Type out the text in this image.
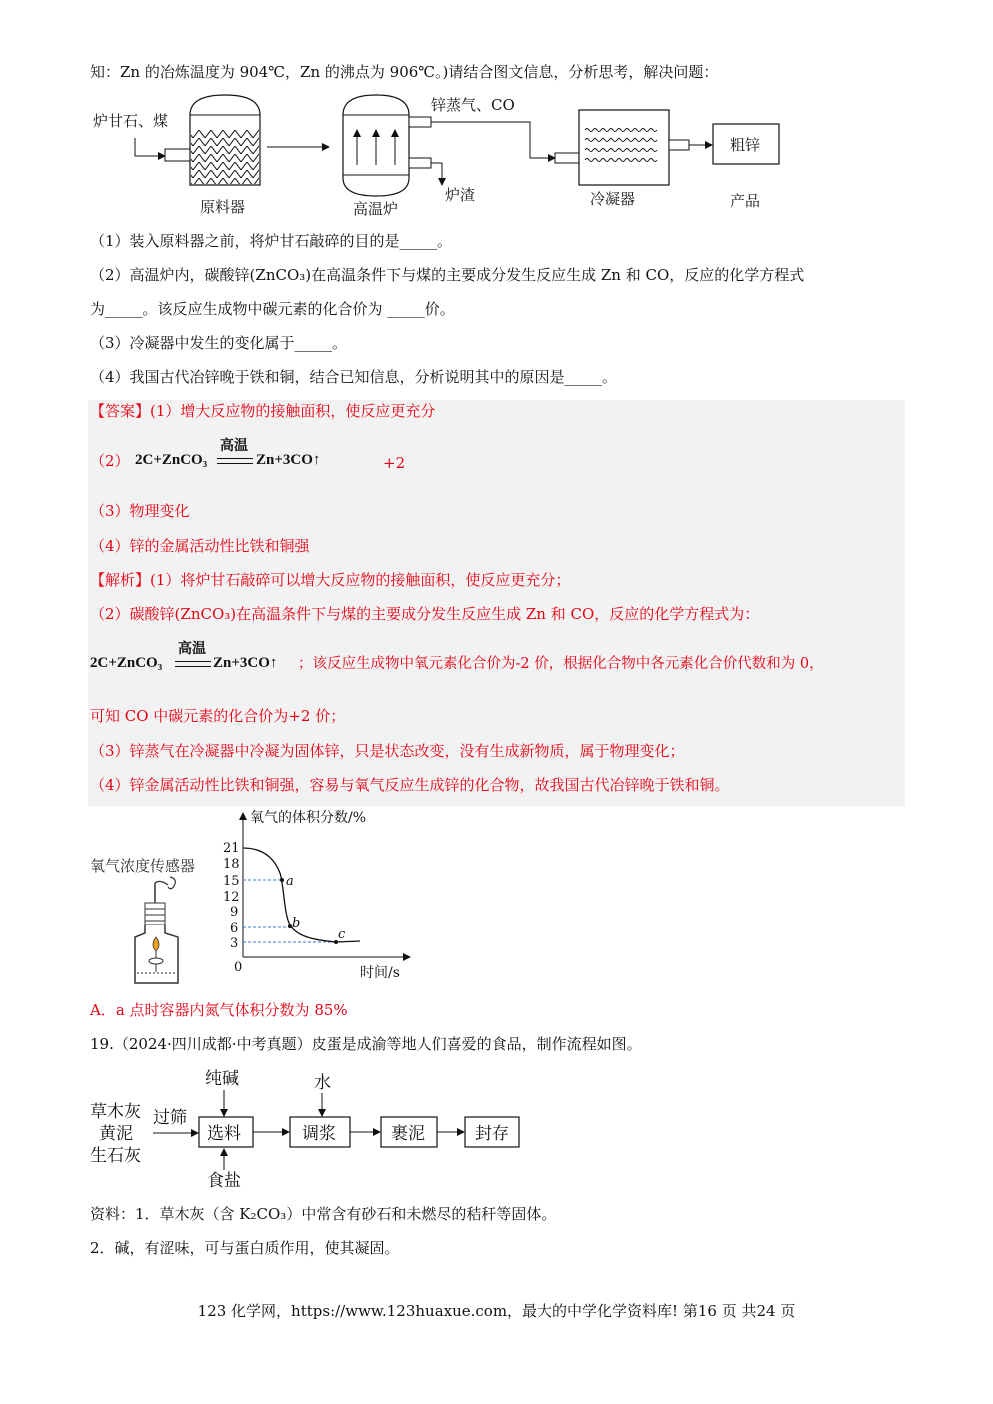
知：Zn 的冶炼温度为 904℃，Zn 的沸点为 906℃。)请结合图文信息，分析思考，解决问题：
炉甘石、煤
原料器	高温炉
锌蒸气、CO
炉渣	冷凝器
粗锌
产品
（1）装入原料器之前，将炉甘石敲碎的目的是_____。
（2）高温炉内，碳酸锌(ZnCO₃)在高温条件下与煤的主要成分发生反应生成 Zn 和 CO，反应的化学方程式
为_____。该反应生成物中碳元素的化合价为 _____价。
（3）冷凝器中发生的变化属于_____。
（4）我国古代冶锌晚于铁和铜，结合已知信息，分析说明其中的原因是_____。
【答案】(1）增大反应物的接触面积，使反应更充分
（2） 2C+ZnCO₃
高温
Zn+3CO↑	+2
（3）物理变化
（4）锌的金属活动性比铁和铜强
【解析】(1）将炉甘石敲碎可以增大反应物的接触面积，使反应更充分；
（2）碳酸锌(ZnCO₃)在高温条件下与煤的主要成分发生反应生成 Zn 和 CO，反应的化学方程式为：
2C+ZnCO₃
高温
Zn+3CO↑ ；该反应生成物中氧元素化合价为-2 价，根据化合物中各元素化合价代数和为 0，
可知 CO 中碳元素的化合价为+2 价；
（3）锌蒸气在冷凝器中冷凝为固体锌，只是状态改变，没有生成新物质，属于物理变化；
（4）锌金属活动性比铁和铜强，容易与氧气反应生成锌的化合物，故我国古代冶锌晚于铁和铜。
氧气浓度传感器
氧气的体积分数/%
时间/s
0
21
18
15
12
9
6
3
a
b
c
A．a 点时容器内氮气体积分数为 85%
19.（2024·四川成都·中考真题）皮蛋是成渝等地人们喜爱的食品，制作流程如图。
草木灰
黄泥
生石灰
过筛
纯碱
选料
食盐
水
调浆	裹泥	封存
资料：1．草木灰（含 K₂CO₃）中常含有砂石和未燃尽的秸秆等固体。
2．碱，有涩味，可与蛋白质作用，使其凝固。
123 化学网，https://www.123huaxue.com，最大的中学化学资料库! 第16 页 共24 页
